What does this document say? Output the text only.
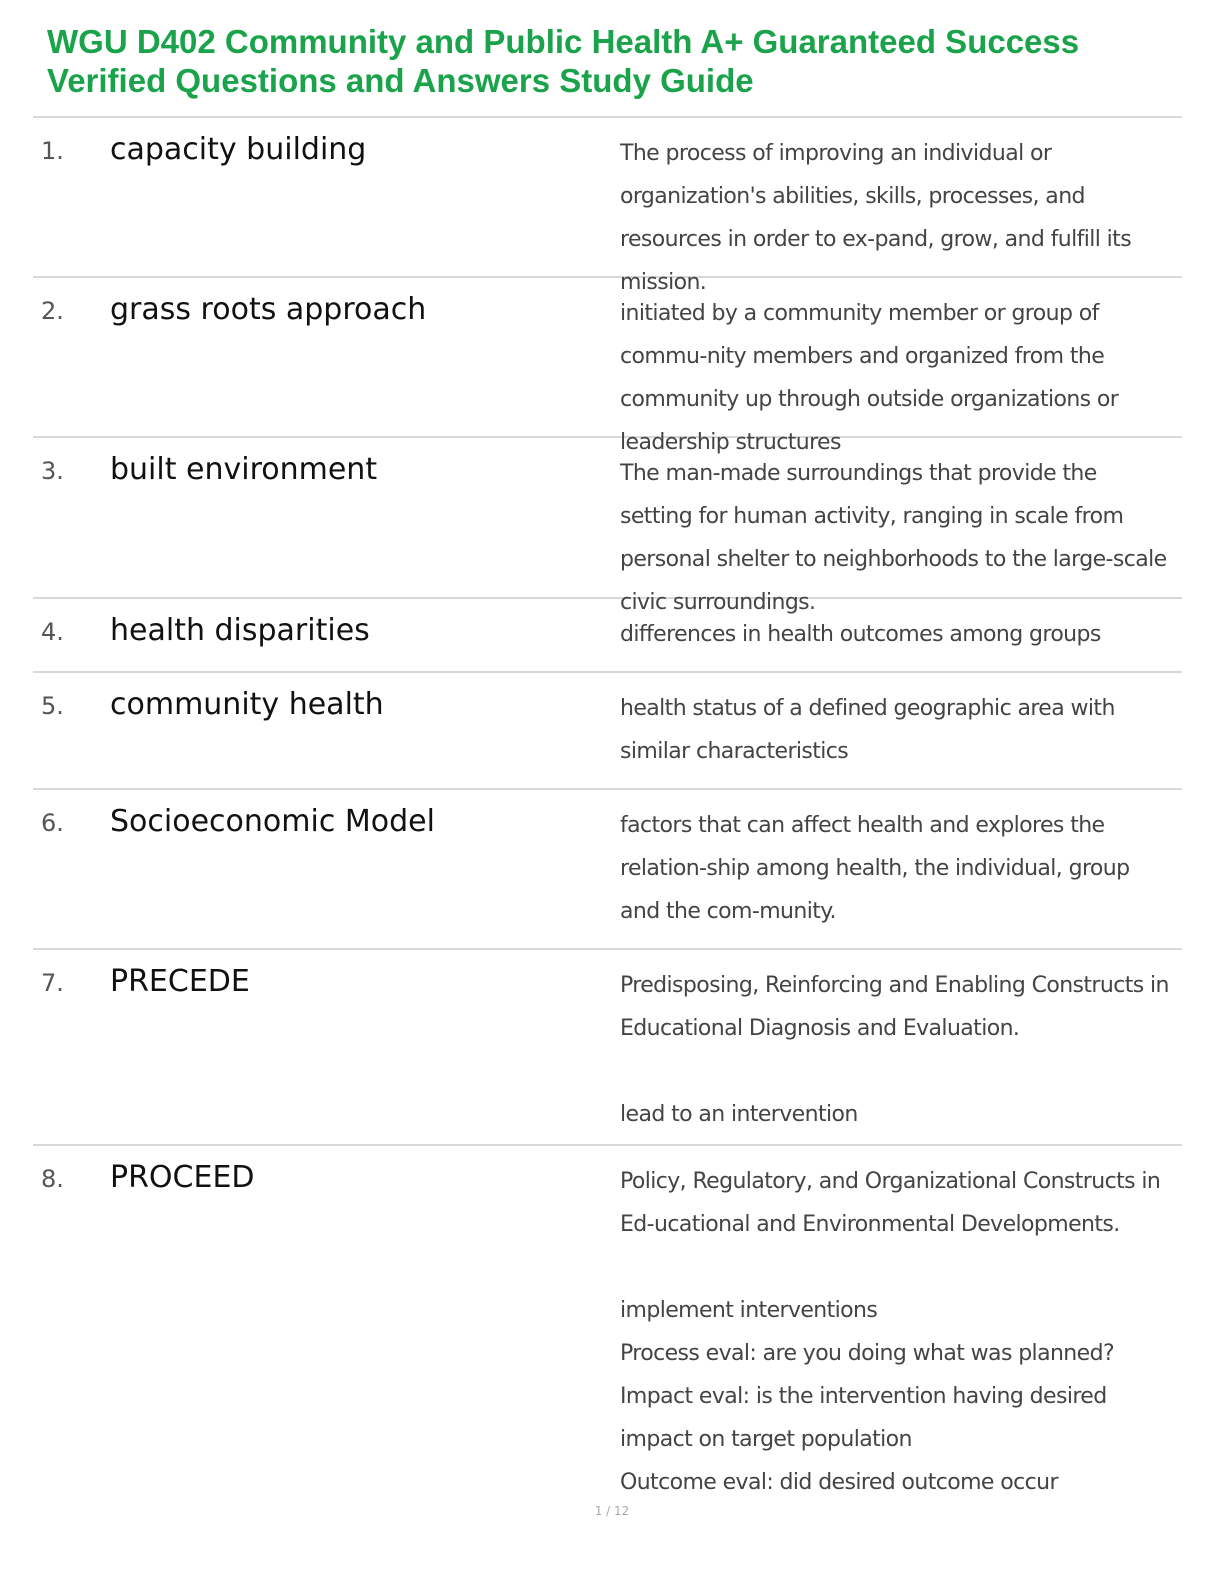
WGU D402 Community and Public Health A+ Guaranteed Success
Verified Questions and Answers Study Guide
1. capacity building	The process of improving an individual or organization's abilities, skills, processes, and resources in order to ex-pand, grow, and fulfill its mission.
2. grass roots approach	initiated by a community member or group of commu-nity members and organized from the community up through outside organizations or leadership structures
3. built environment	The man-made surroundings that provide the setting for human activity, ranging in scale from personal shelter to neighborhoods to the large-scale civic surroundings.
4. health disparities	differences in health outcomes among groups
5. community health	health status of a defined geographic area with similar characteristics
6. Socioeconomic Model	factors that can affect health and explores the relation-ship among health, the individual, group and the com-munity.
7. PRECEDE	Predisposing, Reinforcing and Enabling Constructs in Educational Diagnosis and Evaluation.

lead to an intervention
8. PROCEED	Policy, Regulatory, and Organizational Constructs in Ed-ucational and Environmental Developments.

implement interventions
Process eval: are you doing what was planned?
Impact eval: is the intervention having desired impact on target population
Outcome eval: did desired outcome occur
1 / 12
